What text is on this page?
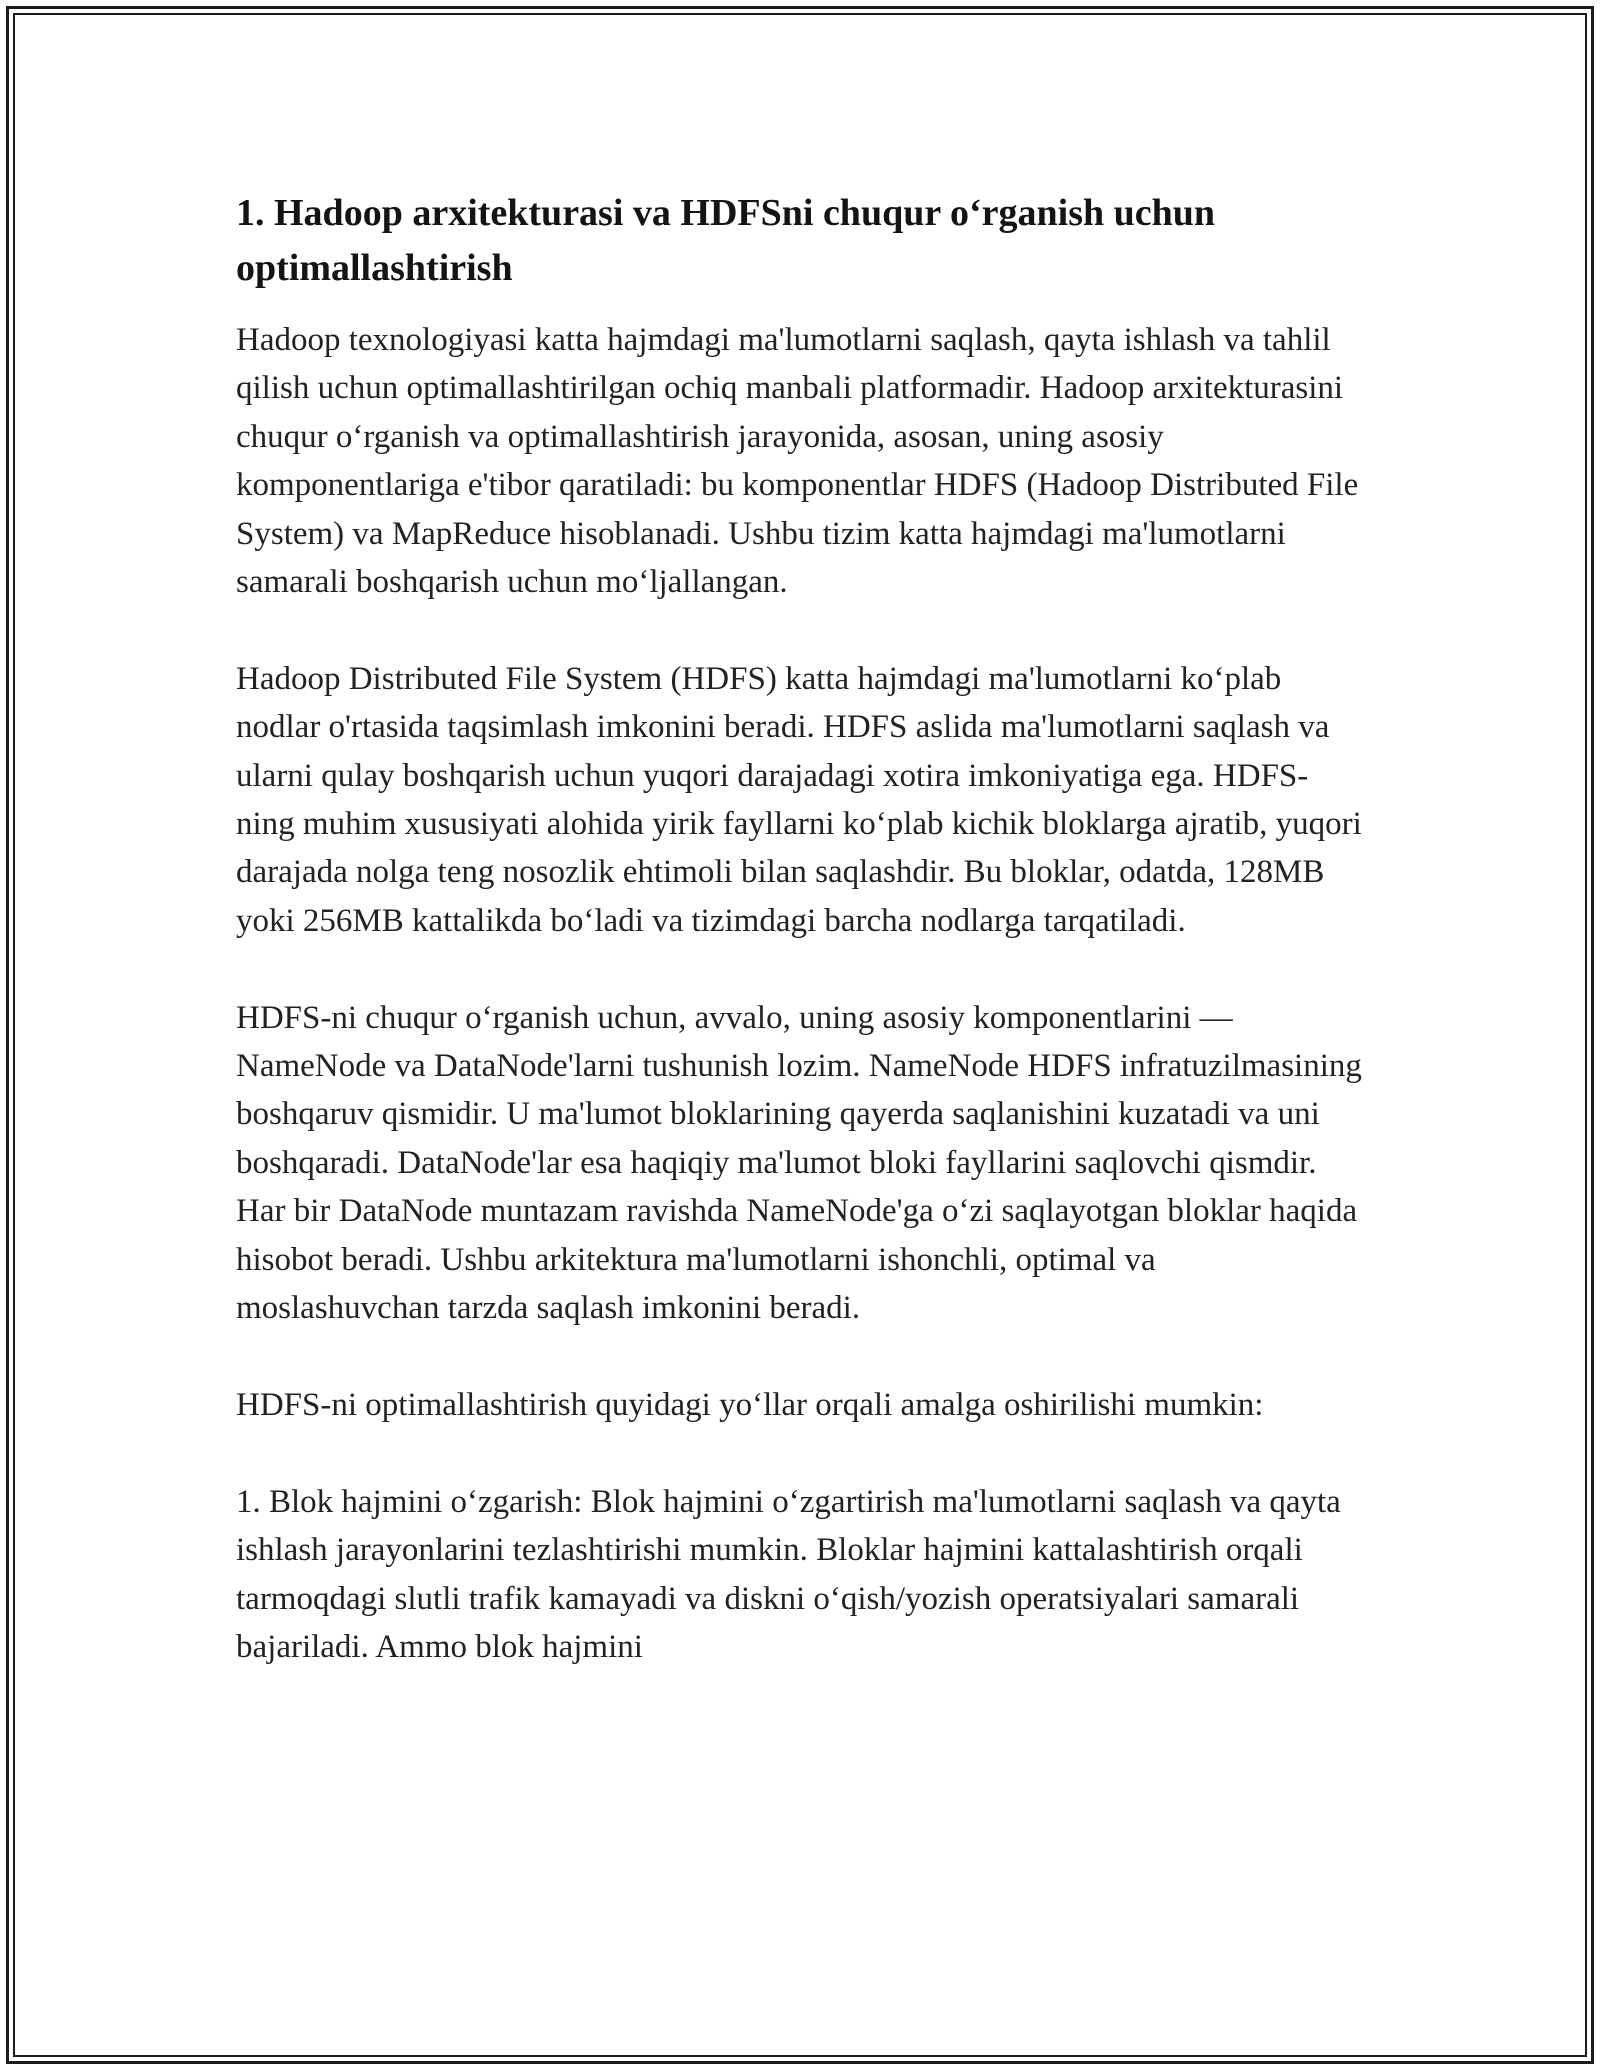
1. Hadoop arxitekturasi va HDFSni chuqur o‘rganish uchun optimallashtirish

Hadoop texnologiyasi katta hajmdagi ma'lumotlarni saqlash, qayta ishlash va tahlil qilish uchun optimallashtirilgan ochiq manbali platformadir. Hadoop arxitekturasini chuqur o‘rganish va optimallashtirish jarayonida, asosan, uning asosiy komponentlariga e'tibor qaratiladi: bu komponentlar HDFS (Hadoop Distributed File System) va MapReduce hisoblanadi. Ushbu tizim katta hajmdagi ma'lumotlarni samarali boshqarish uchun mo‘ljallangan.

Hadoop Distributed File System (HDFS) katta hajmdagi ma'lumotlarni ko‘plab nodlar o'rtasida taqsimlash imkonini beradi. HDFS aslida ma'lumotlarni saqlash va ularni qulay boshqarish uchun yuqori darajadagi xotira imkoniyatiga ega. HDFS-ning muhim xususiyati alohida yirik fayllarni ko‘plab kichik bloklarga ajratib, yuqori darajada nolga teng nosozlik ehtimoli bilan saqlashdir. Bu bloklar, odatda, 128MB yoki 256MB kattalikda bo‘ladi va tizimdagi barcha nodlarga tarqatiladi.

HDFS-ni chuqur o‘rganish uchun, avvalo, uning asosiy komponentlarini — NameNode va DataNode'larni tushunish lozim. NameNode HDFS infratuzilmasining boshqaruv qismidir. U ma'lumot bloklarining qayerda saqlanishini kuzatadi va uni boshqaradi. DataNode'lar esa haqiqiy ma'lumot bloki fayllarini saqlovchi qismdir. Har bir DataNode muntazam ravishda NameNode'ga o‘zi saqlayotgan bloklar haqida hisobot beradi. Ushbu arkitektura ma'lumotlarni ishonchli, optimal va moslashuvchan tarzda saqlash imkonini beradi.

HDFS-ni optimallashtirish quyidagi yo‘llar orqali amalga oshirilishi mumkin:

1. Blok hajmini o‘zgarish: Blok hajmini o‘zgartirish ma'lumotlarni saqlash va qayta ishlash jarayonlarini tezlashtirishi mumkin. Bloklar hajmini kattalashtirish orqali tarmoqdagi slutli trafik kamayadi va diskni o‘qish/yozish operatsiyalari samarali bajariladi. Ammo blok hajmini
